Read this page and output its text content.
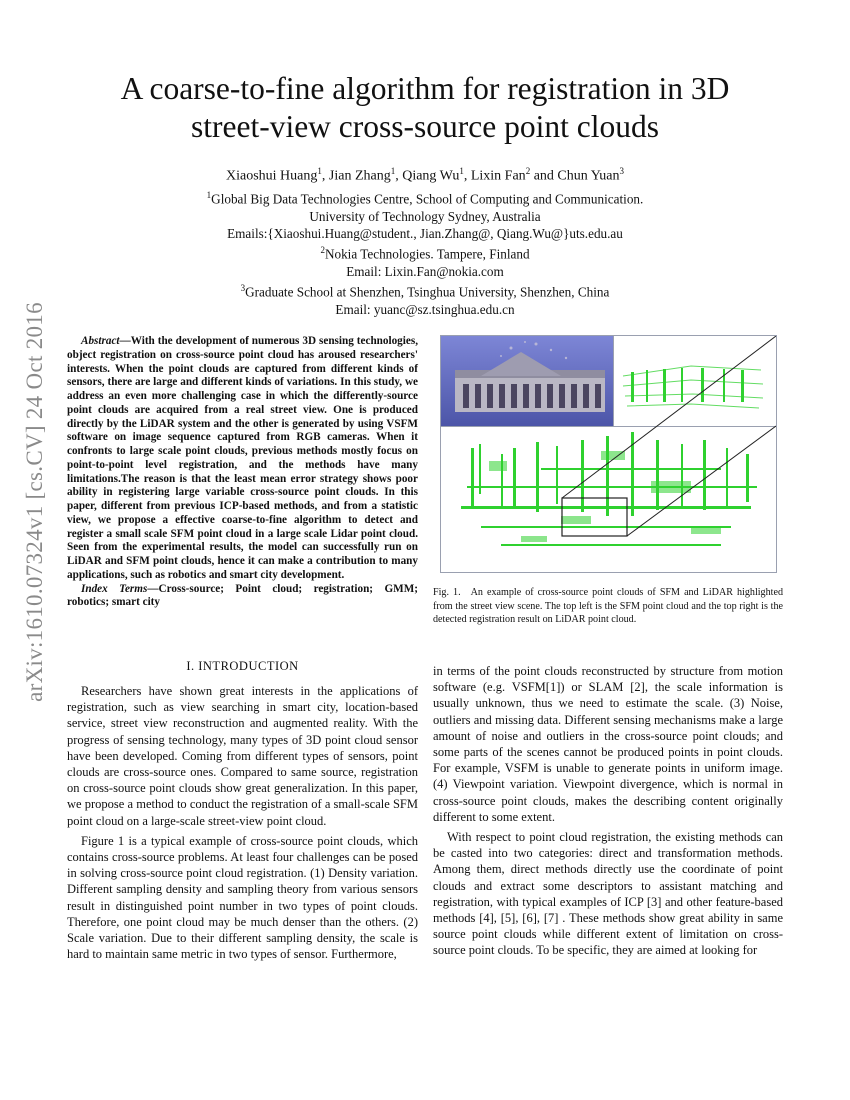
arXiv:1610.07324v1 [cs.CV] 24 Oct 2016
A coarse-to-fine algorithm for registration in 3D
street-view cross-source point clouds
Xiaoshui Huang$^1$, Jian Zhang$^1$, Qiang Wu$^1$, Lixin Fan$^2$ and Chun Yuan$^3$
$^1$Global Big Data Technologies Centre, School of Computing and Communication.
University of Technology Sydney, Australia
Emails:{Xiaoshui.Huang@student., Jian.Zhang@, Qiang.Wu@}uts.edu.au
$^2$Nokia Technologies. Tampere, Finland
Email: Lixin.Fan@nokia.com
$^3$Graduate School at Shenzhen, Tsinghua University, Shenzhen, China
Email: yuanc@sz.tsinghua.edu.cn

Abstract—With the development of numerous 3D sensing technologies, object registration on cross-source point cloud has aroused researchers' interests. When the point clouds are captured from different kinds of sensors, there are large and different kinds of variations. In this study, we address an even more challenging case in which the differently-source point clouds are acquired from a real street view. One is produced directly by the LiDAR system and the other is generated by using VSFM software on image sequence captured from RGB cameras. When it confronts to large scale point clouds, previous methods mostly focus on point-to-point level registration, and the methods have many limitations.The reason is that the least mean error strategy shows poor ability in registering large variable cross-source point clouds. In this paper, different from previous ICP-based methods, and from a statistic view, we propose a effective coarse-to-fine algorithm to detect and register a small scale SFM point cloud in a large scale Lidar point cloud. Seen from the experimental results, the model can successfully run on LiDAR and SFM point clouds, hence it can make a contribution to many applications, such as robotics and smart city development.

Index Terms—Cross-source; Point cloud; registration; GMM; robotics; smart city

I. INTRODUCTION

Researchers have shown great interests in the applications of registration, such as view searching in smart city, location-based service, street view reconstruction and augmented reality. With the progress of sensing technology, many types of 3D point cloud sensor have been developed. Coming from different types of sensors, point clouds are cross-source ones. Compared to same source, registration on cross-source point clouds show great generalization. In this paper, we propose a method to conduct the registration of a small-scale SFM point cloud on a large-scale street-view point cloud.

Figure 1 is a typical example of cross-source point clouds, which contains cross-source problems. At least four challenges can be posed in solving cross-source point cloud registration. (1) Density variation. Different sampling density and sampling theory from various sensors result in distinguished point number in two types of point clouds. Therefore, one point cloud may be much denser than the others. (2) Scale variation. Due to their different sampling density, the scale is hard to maintain same metric in two types of sensor. Furthermore,

Fig. 1. An example of cross-source point clouds of SFM and LiDAR highlighted from the street view scene. The top left is the SFM point cloud and the top right is the detected registration result on LiDAR point cloud.

in terms of the point clouds reconstructed by structure from motion software (e.g. VSFM[1]) or SLAM [2], the scale information is usually unknown, thus we need to estimate the scale. (3) Noise, outliers and missing data. Different sensing mechanisms make a large amount of noise and outliers in the cross-source point clouds; and some parts of the scenes cannot be produced points in point clouds. For example, VSFM is unable to generate points in uniform image. (4) Viewpoint variation. Viewpoint divergence, which is normal in cross-source point clouds, makes the describing content originally different to some extent.

With respect to point cloud registration, the existing methods can be casted into two categories: direct and transformation methods. Among them, direct methods directly use the coordinate of point clouds and extract some descriptors to assistant matching and registration, with typical examples of ICP [3] and other feature-based methods [4], [5], [6], [7] . These methods show great ability in same source point clouds while different extent of limitation on cross-source point clouds. To be specific, they are aimed at looking for
